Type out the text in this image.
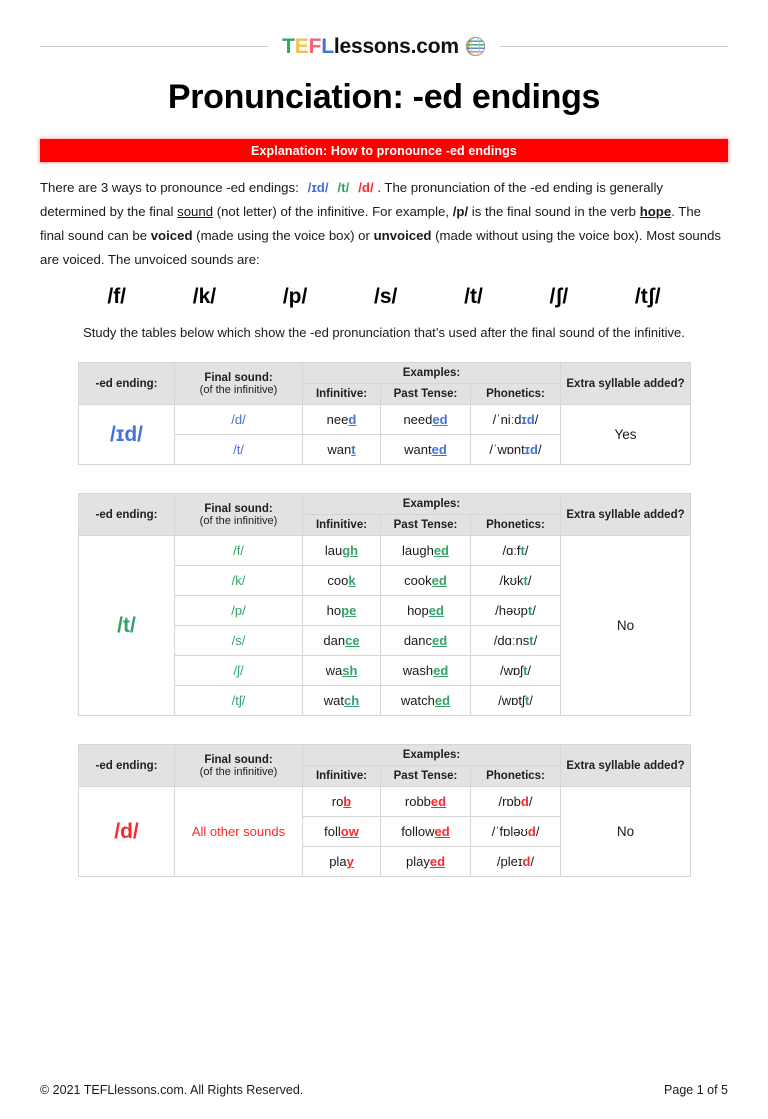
TEFLlessons.com
Pronunciation: -ed endings
Explanation: How to pronounce -ed endings

There are 3 ways to pronounce -ed endings: /ɪd/ /t/ /d/ . The pronunciation of the -ed ending is generally determined by the final sound (not letter) of the infinitive. For example, /p/ is the final sound in the verb hope. The final sound can be voiced (made using the voice box) or unvoiced (made without using the voice box). Most sounds are voiced. The unvoiced sounds are:

/f/	/k/	/p/	/s/	/t/	/ʃ/	/tʃ/

Study the tables below which show the -ed pronunciation that’s used after the final sound of the infinitive.

-ed ending:	Final sound:
(of the infinitive)	Examples:			Extra syllable added?
		Infinitive:	Past Tense:	Phonetics:	
/ɪd/	/d/	need	needed	/ˈniːdɪd/	Yes
	/t/	want	wanted	/ˈwɒntɪd/	
-ed ending:	Final sound:
(of the infinitive)	Examples:			Extra syllable added?
		Infinitive:	Past Tense:	Phonetics:	
/t/	/f/	laugh	laughed	/ɑːft/	No
	/k/	cook	cooked	/kʊkt/	
	/p/	hope	hoped	/həʊpt/	
	/s/	dance	danced	/dɑːnst/	
	/ʃ/	wash	washed	/wɒʃt/	
	/tʃ/	watch	watched	/wɒtʃt/	
-ed ending:	Final sound:
(of the infinitive)	Examples:			Extra syllable added?
		Infinitive:	Past Tense:	Phonetics:	
/d/	All other sounds	rob	robbed	/rɒbd/	No
		follow	followed	/ˈfɒləʊd/	
		play	played	/pleɪd/	
© 2021 TEFLlessons.com. All Rights Reserved.	Page 1 of 5
